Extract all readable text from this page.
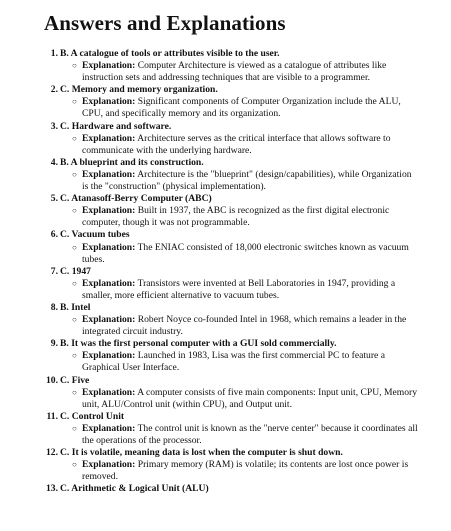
Answers and Explanations
1. B. A catalogue of tools or attributes visible to the user.
○ Explanation: Computer Architecture is viewed as a catalogue of attributes like instruction sets and addressing techniques that are visible to a programmer.
2. C. Memory and memory organization.
○ Explanation: Significant components of Computer Organization include the ALU, CPU, and specifically memory and its organization.
3. C. Hardware and software.
○ Explanation: Architecture serves as the critical interface that allows software to communicate with the underlying hardware.
4. B. A blueprint and its construction.
○ Explanation: Architecture is the "blueprint" (design/capabilities), while Organization is the "construction" (physical implementation).
5. C. Atanasoff-Berry Computer (ABC)
○ Explanation: Built in 1937, the ABC is recognized as the first digital electronic computer, though it was not programmable.
6. C. Vacuum tubes
○ Explanation: The ENIAC consisted of 18,000 electronic switches known as vacuum tubes.
7. C. 1947
○ Explanation: Transistors were invented at Bell Laboratories in 1947, providing a smaller, more efficient alternative to vacuum tubes.
8. B. Intel
○ Explanation: Robert Noyce co-founded Intel in 1968, which remains a leader in the integrated circuit industry.
9. B. It was the first personal computer with a GUI sold commercially.
○ Explanation: Launched in 1983, Lisa was the first commercial PC to feature a Graphical User Interface.
10. C. Five
○ Explanation: A computer consists of five main components: Input unit, CPU, Memory unit, ALU/Control unit (within CPU), and Output unit.
11. C. Control Unit
○ Explanation: The control unit is known as the "nerve center" because it coordinates all the operations of the processor.
12. C. It is volatile, meaning data is lost when the computer is shut down.
○ Explanation: Primary memory (RAM) is volatile; its contents are lost once power is removed.
13. C. Arithmetic & Logical Unit (ALU)
